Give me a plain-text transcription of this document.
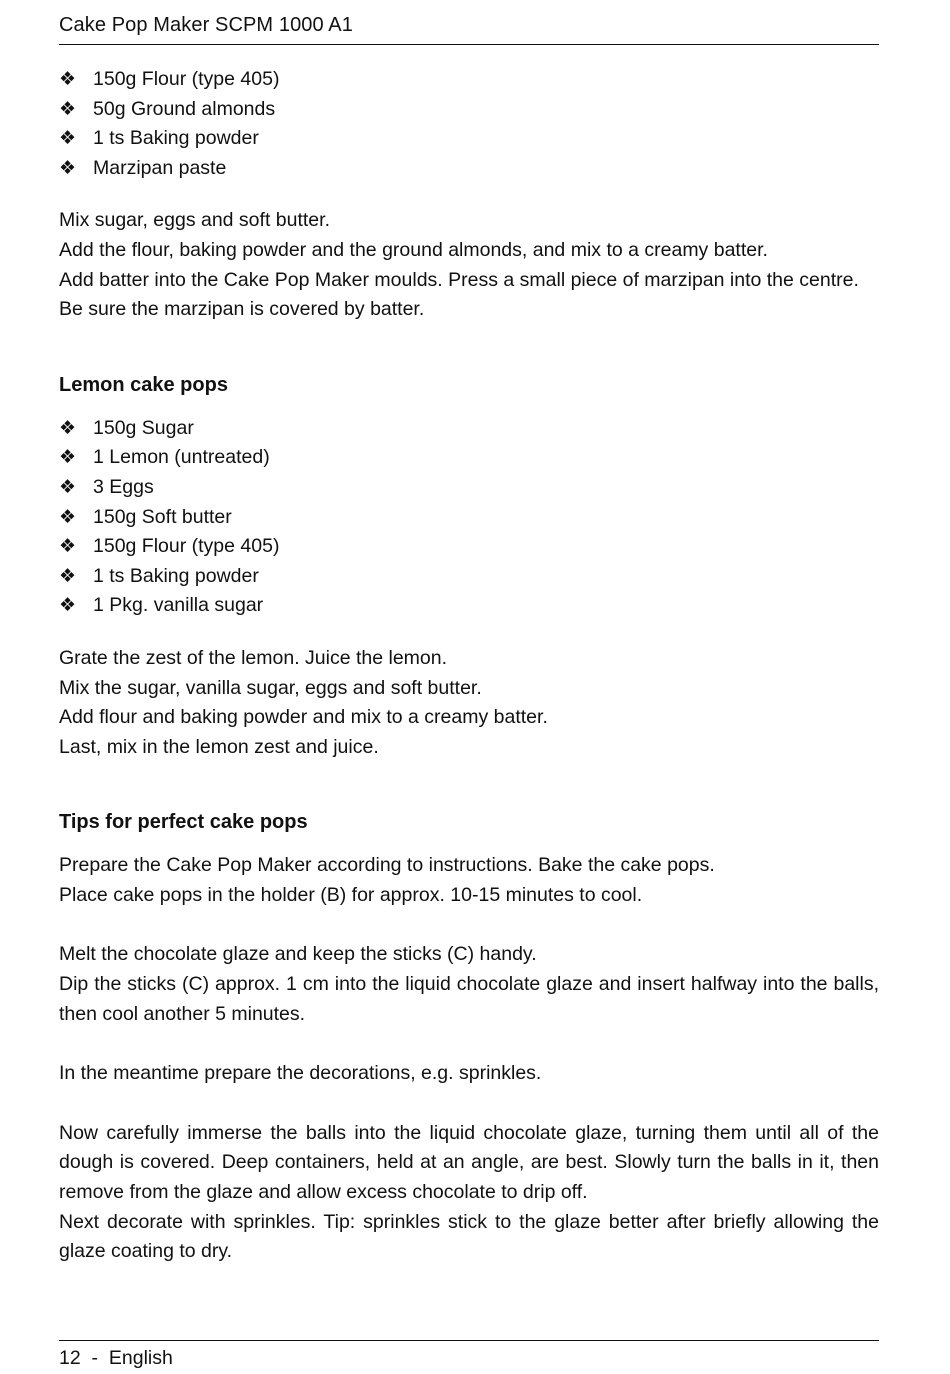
Cake Pop Maker SCPM 1000 A1
❖ 150g Flour (type 405)
❖ 50g Ground almonds
❖ 1 ts Baking powder
❖ Marzipan paste

Mix sugar, eggs and soft butter.

Add the flour, baking powder and the ground almonds, and mix to a creamy batter.

Add batter into the Cake Pop Maker moulds. Press a small piece of marzipan into the centre.

Be sure the marzipan is covered by batter.

Lemon cake pops
❖ 150g Sugar
❖ 1 Lemon (untreated)
❖ 3 Eggs
❖ 150g Soft butter
❖ 150g Flour (type 405)
❖ 1 ts Baking powder
❖ 1 Pkg. vanilla sugar

Grate the zest of the lemon. Juice the lemon.

Mix the sugar, vanilla sugar, eggs and soft butter.

Add flour and baking powder and mix to a creamy batter.

Last, mix in the lemon zest and juice.

Tips for perfect cake pops

Prepare the Cake Pop Maker according to instructions. Bake the cake pops.

Place cake pops in the holder (B) for approx. 10-15 minutes to cool.

Melt the chocolate glaze and keep the sticks (C) handy.

Dip the sticks (C) approx. 1 cm into the liquid chocolate glaze and insert halfway into the balls, then cool another 5 minutes.

In the meantime prepare the decorations, e.g. sprinkles.

Now carefully immerse the balls into the liquid chocolate glaze, turning them until all of the dough is covered. Deep containers, held at an angle, are best. Slowly turn the balls in it, then remove from the glaze and allow excess chocolate to drip off.

Next decorate with sprinkles. Tip: sprinkles stick to the glaze better after briefly allowing the glaze coating to dry.

12 - English
